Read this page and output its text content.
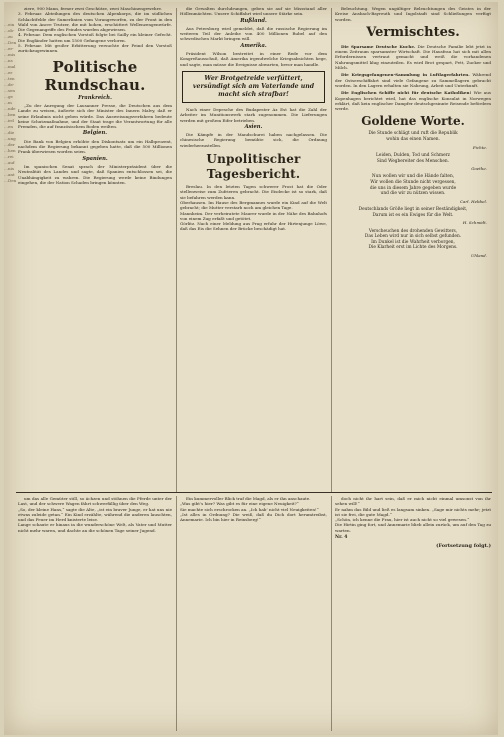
…ein
…ob-
…zu
…Den
…er-
…mis
…ns
…mal
…er
…ten
…de-
…sen
…ge
…m
…nde
…ben
…ird
…en
…die
…ung
…der
…hen
…rei
…auf
…nis
…ant
…Den

ziere, 900 Mann, ferner zwei Geschütze, zwei Maschinengewehre.
3. Februar. Abteilungen des deutschen Alpenkorps, die im südlichen Schlachtfelde der Sumerlinien vom Vorangeworfen, zu der Front in den Wald von Ancre Trutzer, die mit hohen, erschüttert Wellenzengenwürfe. Die Gegenangriffe des Feindes wurden abgewiesen.
4. Februar. Dem englischen Vorstoß folgte bei Sailly ein kleiner Gefecht. Die Engländer hatten um 1500 Gefangene verloren.
5. Februar. Mit großer Erbitterung versuchte der Feind den Vorstoß zurückzugewinnen.

Politische Rundschau.
Frankreich.

„Zu der Anregung der Lausanner Presse, die Deutschen aus dem Lande zu weisen, äußerte sich der Minister des Innern Malvy, daß er seine Erlaubnis nicht geben würde. Das Ausweisungsverfahren bedeute keine Schutzmaßnahme, und der Staat trage die Verantwortung für alle Fremden, die auf französischem Boden weilten.

Belgien.

Die Bank von Belgien erhöhte den Diskontsatz um ein Halbprozent, nachdem die Regierung bekannt gegeben hatte, daß die 500 Millionen Frank überwiesen worden seien.

Spanien.

Im spanischen Senat sprach der Ministerpräsident über die Neutralität des Landes und sagte, daß Spanien entschlossen sei, die Unabhängigkeit zu wahren. Die Regierung werde keine Bindungen eingehen, die der Nation Schaden bringen könnten.

die Gewalten durchdrungen, geben sie auf sie Missstand aller Höllenmächten. Unsere Schiffahrt wird unsere Stärke sein.

Rußland.

Aus Petersburg wird gemeldet, daß die russische Regierung im weiteren Teil der Anleihe von 400 Millionen Rubel auf den schwedischen Markt bringen will.

Amerika.

Präsident Wilson bestreitet in einer Rede vor dem Kongreßausschuß, daß Amerika irgendwelche Kriegsabsichten hege, und sagte, man müsse die Ereignisse abwarten, bevor man handle.

Wer Brotgetreide verfüttert, versündigt sich am Vaterlande und macht sich strafbar!

Nach einer Depesche des Budapester Az Est hat die Zahl der Arbeiter im Munitionswerk stark zugenommen. Die Lieferungen werden mit großem Eifer betrieben.

Asien.

Die Kämpfe in der Mandschurei haben nachgelassen. Die chinesische Regierung bemühte sich, die Ordnung wiederherzustellen.

Unpolitischer Tagesbericht.

Breslau. In den letzten Tagen schwerer Frost hat die Oder stellenweise zum Zufrieren gebracht. Die Eisdecke ist so stark, daß sie befahren werden kann.
Oberhausen. Im Hause des Bergmannes wurde ein Kind auf die Welt gebracht; die Mutter verstarb noch am gleichen Tage.
Mannheim. Der verheiratete Maurer wurde in der Nähe des Bahnhofs von einem Zug erfaßt und getötet.
Görlitz. Nach einer Meldung aus Prag erfuhr der Hirtenjunge Löwe, daß das Eis die Sehnen der Brücke beschädigt hat.

Beleuchtung. Wegen ungültiger Beleuchtungen des Geistes in der Kreise Ansbach-Bayreuth und Ingolstadt sind Schließungen verfügt worden.

Vermischtes.

Die Sparsame Deutsche Kuche. Die Deutsche Familie lebt jetzt in einem Zeitraum sparsamster Wirtschaft. Die Hausfrau hat sich mit allen Erfordernissen vertraut gemacht und weiß die vorhandenen Nahrungsmittel klug einzuteilen. Es wird Brot gespart, Fett, Zucker und Milch.

Die Kriegsgefangenen-Sammlung in Luftlagerfahrten. Während der Ostseeschiffahrt sind viele Gefangene zu Sammellagern gebracht worden. In den Lagern erhalten sie Nahrung, Arbeit und Unterkunft.

Die Englischen Schiffe nicht für deutsche Katholiken! Wie aus Kopenhagen berichtet wird, hat das englische Konsulat in Norwegen erklärt, daß kein englischer Dampfer deutschgesinnte Reisende befördern werde.

Goldene Worte.
Die Stunde schlägt und ruft die Republik
wohin das einen Namen.
Fichte.
Leiden, Dulden, Tod und Schmerz
Sind Wegbereiter des Menschen.
Goethe.
Nun wollen wir und die Hände falten,
Wir wollen die Stunde nicht vergessen,
die uns in diesem Jahre gegeben wurde
und die wir zu nützen wissen.
Carl. Hebbel.
Deutschlands Größe liegt in seiner Beständigkeit,
Darum ist es ein Ewiges für die Welt.
H. Schmidt.
Verscheuchen des drohenden Gewitters,
Das Leben wird nur in sich selbst gefunden.
Im Dunkel ist die Wahrheit verborgen,
Die Klarheit erst im Lichte des Morgens.
Uhland.

um das alle Gemüter still, so ächzen und stöhnen die Pferde unter der Last, und der schwere Wagen fährt schwerfällig über den Weg.
„So, der kleine Hans,“ sagte die Alte, „ist ein braver Junge, er hat uns nie etwas zuleide getan.“ Ein Kind erzählte, während die anderen lauschten, und das Feuer im Herd knisterte leise.
Lange schaute er hinaus in die wunderschöne Welt, als Vater und Mutter nicht mehr waren, und dachte an die schönen Tage seiner Jugend.

Ein kummervoller Blick traf die Magd, als er ihn anschaute.
„Was gibt’s hier? Was gibt es für eine eigene Neuigkeit?“
Sie machte sich erschrocken an. „Ich hab’ nicht viel Neuigkeiten!“
„Ist alles in Ordnung? Die weiß, daß du Dich dort herumtreibst, Annemarie. Ich bin hier in Reinsberg!“

doch nicht ihr hart sein, daß er mich nicht einmal umsonst von ihr sehen will!“
Er nahm das Bild und ließ es langsam sinken. „Sage mir nichts mehr; jetzt ist sie frei, die gute Magd.“
„Schön, ich kenne die Frau, hier ist auch nicht so viel gewesen.“
Die Hirtin ging fort, und Annemarie blieb allein zurück, um auf den Tag zu warten.

Nr. 4
(Fortsetzung folgt.)
